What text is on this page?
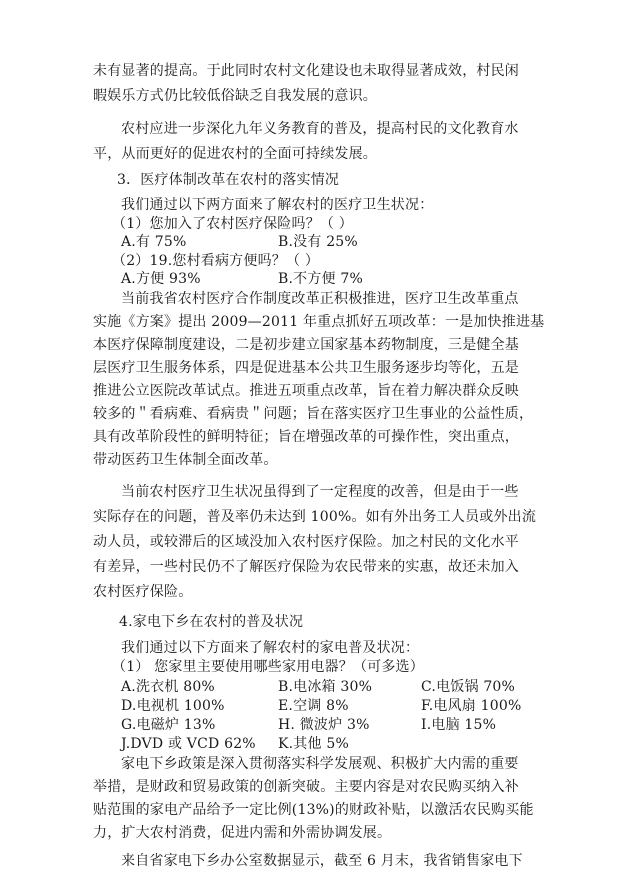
未有显著的提高。于此同时农村文化建设也未取得显著成效，村民闲
暇娱乐方式仍比较低俗缺乏自我发展的意识。
农村应进一步深化九年义务教育的普及，提高村民的文化教育水
平，从而更好的促进农村的全面可持续发展。
3．医疗体制改革在农村的落实情况
我们通过以下两方面来了解农村的医疗卫生状况：
（1）您加入了农村医疗保险吗？（ ）
A.有 75%	B.没有 25%
（2）19.您村看病方便吗？（ ）
A.方便 93%	B.不方便 7%
当前我省农村医疗合作制度改革正积极推进，医疗卫生改革重点
实施《方案》提出 2009—2011 年重点抓好五项改革：一是加快推进基
本医疗保障制度建设，二是初步建立国家基本药物制度，三是健全基
层医疗卫生服务体系，四是促进基本公共卫生服务逐步均等化，五是
推进公立医院改革试点。推进五项重点改革，旨在着力解决群众反映
较多的＂看病难、看病贵＂问题；旨在落实医疗卫生事业的公益性质，
具有改革阶段性的鲜明特征；旨在增强改革的可操作性，突出重点，
带动医药卫生体制全面改革。
当前农村医疗卫生状况虽得到了一定程度的改善，但是由于一些
实际存在的问题，普及率仍未达到 100%。如有外出务工人员或外出流
动人员，或较滞后的区域没加入农村医疗保险。加之村民的文化水平
有差异，一些村民仍不了解医疗保险为农民带来的实惠，故还未加入
农村医疗保险。
4.家电下乡在农村的普及状况
我们通过以下方面来了解农村的家电普及状况：
（1） 您家里主要使用哪些家用电器？（可多选）
A.洗衣机 80%	B.电冰箱 30%	C.电饭锅 70%
D.电视机 100%	E.空调 8%	F.电风扇 100%
G.电磁炉 13%	H. 微波炉 3%	I.电脑 15%
J.DVD 或 VCD 62% K.其他 5%
家电下乡政策是深入贯彻落实科学发展观、积极扩大内需的重要
举措，是财政和贸易政策的创新突破。主要内容是对农民购买纳入补
贴范围的家电产品给予一定比例(13%)的财政补贴，以激活农民购买能
力，扩大农村消费，促进内需和外需协调发展。
来自省家电下乡办公室数据显示，截至 6 月末，我省销售家电下
